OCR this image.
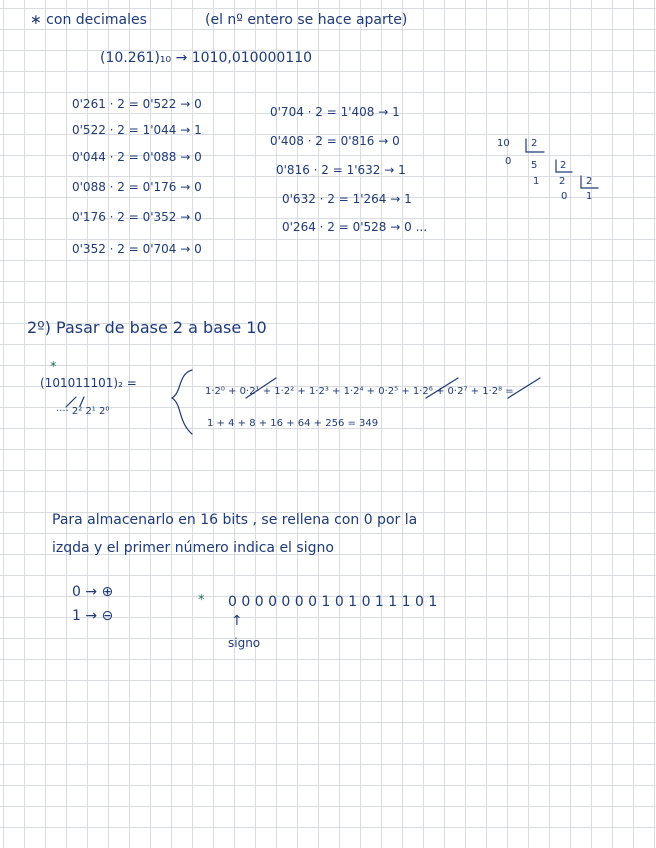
∗ con decimales	(el nº entero se hace aparte)
(10.261)₁₀ → 1010,010000110
0'261 · 2 = 0'522 → 0
0'522 · 2 = 1'044 → 1
0'044 · 2 = 0'088 → 0
0'088 · 2 = 0'176 → 0
0'176 · 2 = 0'352 → 0
0'352 · 2 = 0'704 → 0
0'704 · 2 = 1'408 → 1
0'408 · 2 = 0'816 → 0
0'816 · 2 = 1'632 → 1
0'632 · 2 = 1'264 → 1
0'264 · 2 = 0'528 → 0 ...
10 2
0 5 2
1 2 2
0 1
2º) Pasar de base 2 a base 10
*
(101011101)₂ =
···· 2² 2¹ 2⁰
1·2⁰ + 0·2¹ + 1·2² + 1·2³ + 1·2⁴ + 0·2⁵ + 1·2⁶ + 0·2⁷ + 1·2⁸ =
1 + 4 + 8 + 16 + 64 + 256 = 349
Para almacenarlo en 16 bits , se rellena con 0 por la
izqda y el primer número indica el signo
0 → ⊕
1 → ⊖
* 0 0 0 0 0 0 0 1 0 1 0 1 1 1 0 1
↑
signo
